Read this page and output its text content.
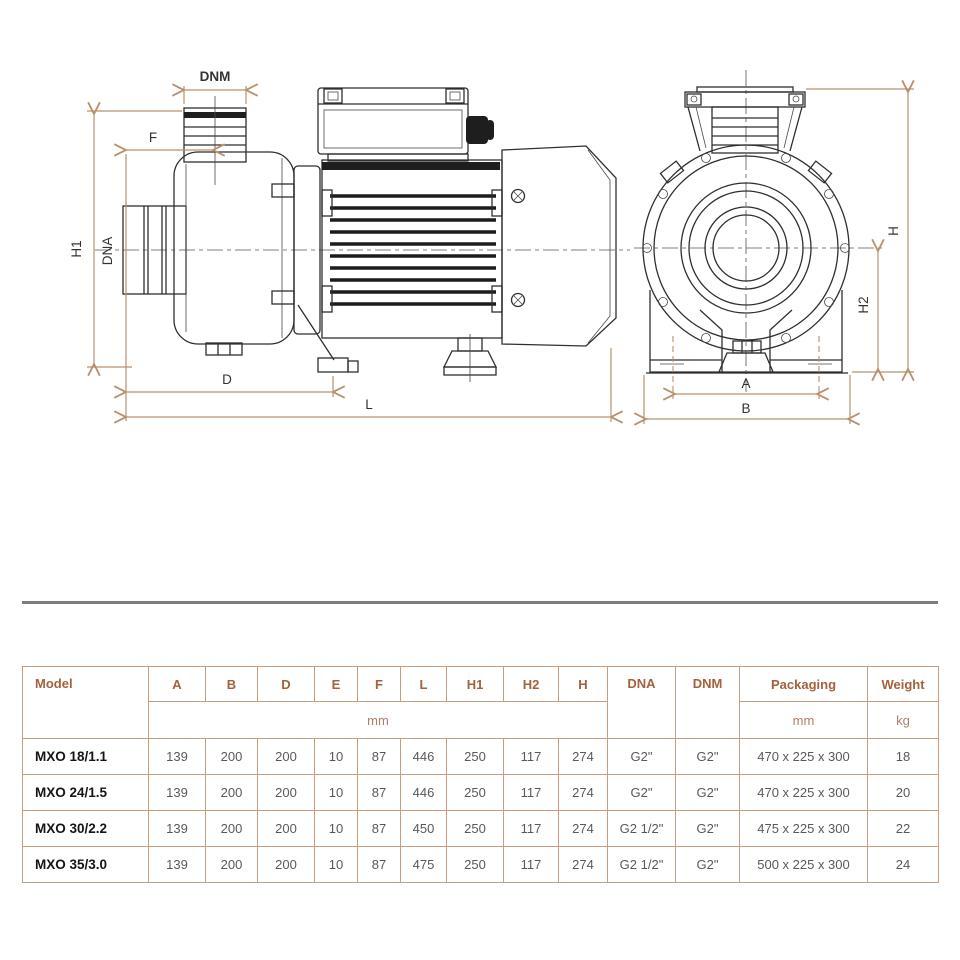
DNM
F
H1 DNA
D
L
H
H2
A
B
Model	A	B	D	E	F	L	H1	H2	H	DNA	DNM	Packaging	Weight
	mm											mm	kg
MXO 18/1.1	139	200	200	10	87	446	250	117	274	G2"	G2"	470 x 225 x 300	18
MXO 24/1.5	139	200	200	10	87	446	250	117	274	G2"	G2"	470 x 225 x 300	20
MXO 30/2.2	139	200	200	10	87	450	250	117	274	G2 1/2"	G2"	475 x 225 x 300	22
MXO 35/3.0	139	200	200	10	87	475	250	117	274	G2 1/2"	G2"	500 x 225 x 300	24
